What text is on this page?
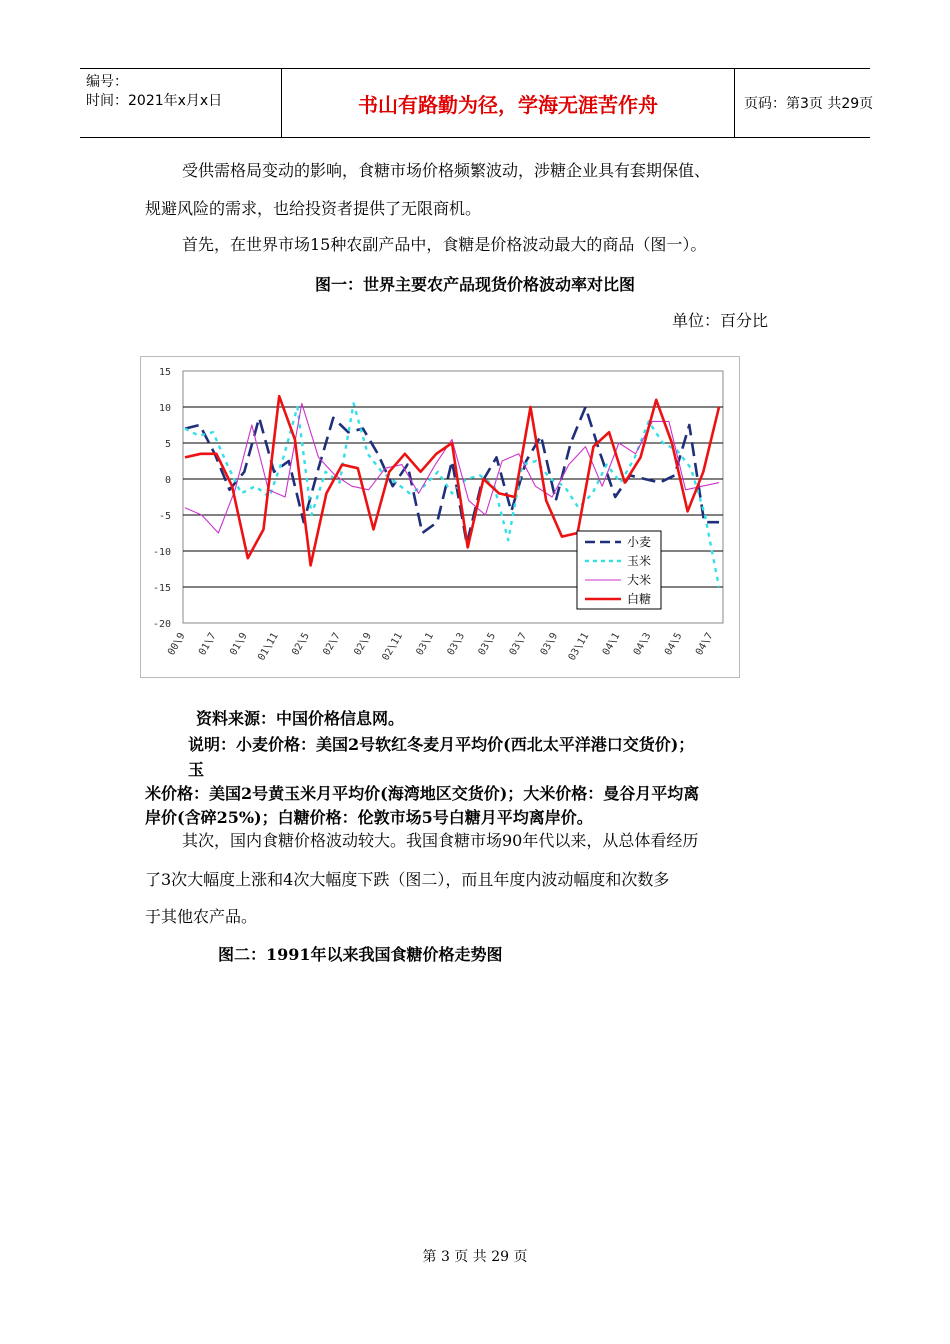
编号：
时间：2021年x月x日	书山有路勤为径，学海无涯苦作舟	页码：第3页 共29页
受供需格局变动的影响，食糖市场价格频繁波动，涉糖企业具有套期保值、
规避风险的需求，也给投资者提供了无限商机。
首先，在世界市场15种农副产品中，食糖是价格波动最大的商品（图一）。
图一：世界主要农产品现货价格波动率对比图
单位：百分比
15
10
5
0
-5
-10
-15
-20
00\9 01\7 01\9 01\11 02\5 02\7 02\9 02\11 03\1 03\3 03\5 03\7 03\9 03\11 04\1 04\3 04\5 04\7
小麦
玉米
大米
白糖
资料来源：中国价格信息网。
说明：小麦价格：美国2号软红冬麦月平均价(西北太平洋港口交货价)；
玉
米价格：美国2号黄玉米月平均价(海湾地区交货价)；大米价格：曼谷月平均离
岸价(含碎25%)；白糖价格：伦敦市场5号白糖月平均离岸价。
其次，国内食糖价格波动较大。我国食糖市场90年代以来，从总体看经历
了3次大幅度上涨和4次大幅度下跌（图二），而且年度内波动幅度和次数多
于其他农产品。
图二：1991年以来我国食糖价格走势图
第 3 页 共 29 页
